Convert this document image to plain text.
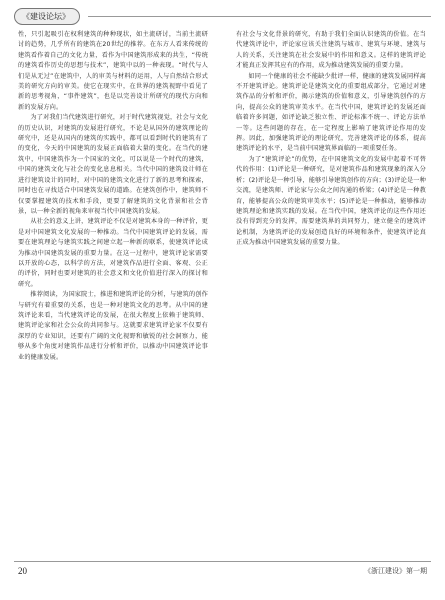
《建设论坛》

性，只引起吸引在权利建筑的种种现状，如主流研讨，当前主流研讨的趋势，几乎所有的建筑在20世纪的推荐。在东方人看来传统的建筑看作着自己的文化力量，看作为中国建筑形成来的共生，“传统的建筑看作历史的思想与技术”，建筑中以的一种表现。“时代与人们是从无过”在建筑中，人的审美与材料的运用，人与自然结合形式美的研究方向的审美。使它在现实中，在世界的建筑视野中看见了新的思考视角，“事件建筑”，也是以完善设计所研究的现代方向和新的发展方向。

为了对我们当代建筑进行研究，对于时代建筑视觉，社会与文化的历史认识，对建筑的发展进行研究，不论是从国外的建筑理论的研究中，还是从国内的建筑的实践中，都可以看到时代的建筑有了的变化，今天的中国建筑的发展正面临着大量的变化。在当代的建筑中，中国建筑作为一个国家的文化，可以说是一个时代的建筑，中国的建筑文化与社会的变化息息相关。当代中国的建筑设计师在进行建筑设计的同时，对中国的建筑文化进行了新的思考和探索，同时也在寻找适合中国建筑发展的道路。在建筑创作中，建筑师不仅要掌握建筑的技术和手段，更要了解建筑的文化背景和社会背景，以一种全新的视角来审视当代中国建筑的发展。

从社会的意义上讲，建筑评论不仅是对建筑本身的一种评价，更是对中国建筑文化发展的一种推动。当代中国建筑评论的发展，需要在建筑理论与建筑实践之间建立起一种新的联系，使建筑评论成为推动中国建筑发展的重要力量。在这一过程中，建筑评论家需要以开放的心态，以科学的方法，对建筑作品进行全面、客观、公正的评价，同时也要对建筑的社会意义和文化价值进行深入的探讨和研究。

推荐阅读，为国家院士，推进和建筑评论的分析，与建筑的创作与研究有着重要的关系，也是一种对建筑文化的思考。从中国的建筑评论来看，当代建筑评论的发展，在很大程度上依赖于建筑师、建筑评论家和社会公众的共同参与。这就要求建筑评论家不仅要有深厚的专业知识，还要有广阔的文化视野和敏锐的社会洞察力，能够从多个角度对建筑作品进行分析和评价，以推动中国建筑评论事业的健康发展。

有社会与文化背景的研究，有助于我们全面认识建筑的价值。在当代建筑评论中，评论家应该关注建筑与城市、建筑与环境、建筑与人的关系，关注建筑在社会发展中的作用和意义。这样的建筑评论才能真正发挥其应有的作用，成为推动建筑发展的重要力量。

如同一个健康的社会不能缺少批评一样，健康的建筑发展同样离不开建筑评论。建筑评论是建筑文化的重要组成部分，它通过对建筑作品的分析和评价，揭示建筑的价值和意义，引导建筑创作的方向，提高公众的建筑审美水平。在当代中国，建筑评论的发展还面临着许多问题，如评论缺乏独立性、评论标准不统一、评论方法单一等。这些问题的存在，在一定程度上影响了建筑评论作用的发挥。因此，加强建筑评论的理论研究，完善建筑评论的体系，提高建筑评论的水平，是当前中国建筑界面临的一项重要任务。

为了“建筑评论”的优势，在中国建筑文化的发展中起着不可替代的作用：(1)评论是一种研究，是对建筑作品和建筑现象的深入分析；(2)评论是一种引导，能够引导建筑创作的方向；(3)评论是一种交流，是建筑师、评论家与公众之间沟通的桥梁；(4)评论是一种教育，能够提高公众的建筑审美水平；(5)评论是一种推动，能够推动建筑理论和建筑实践的发展。在当代中国，建筑评论的这些作用还没有得到充分的发挥，需要建筑界的共同努力，建立健全的建筑评论机制，为建筑评论的发展创造良好的环境和条件，使建筑评论真正成为推动中国建筑发展的重要力量。

20	《浙江建设》第一期
